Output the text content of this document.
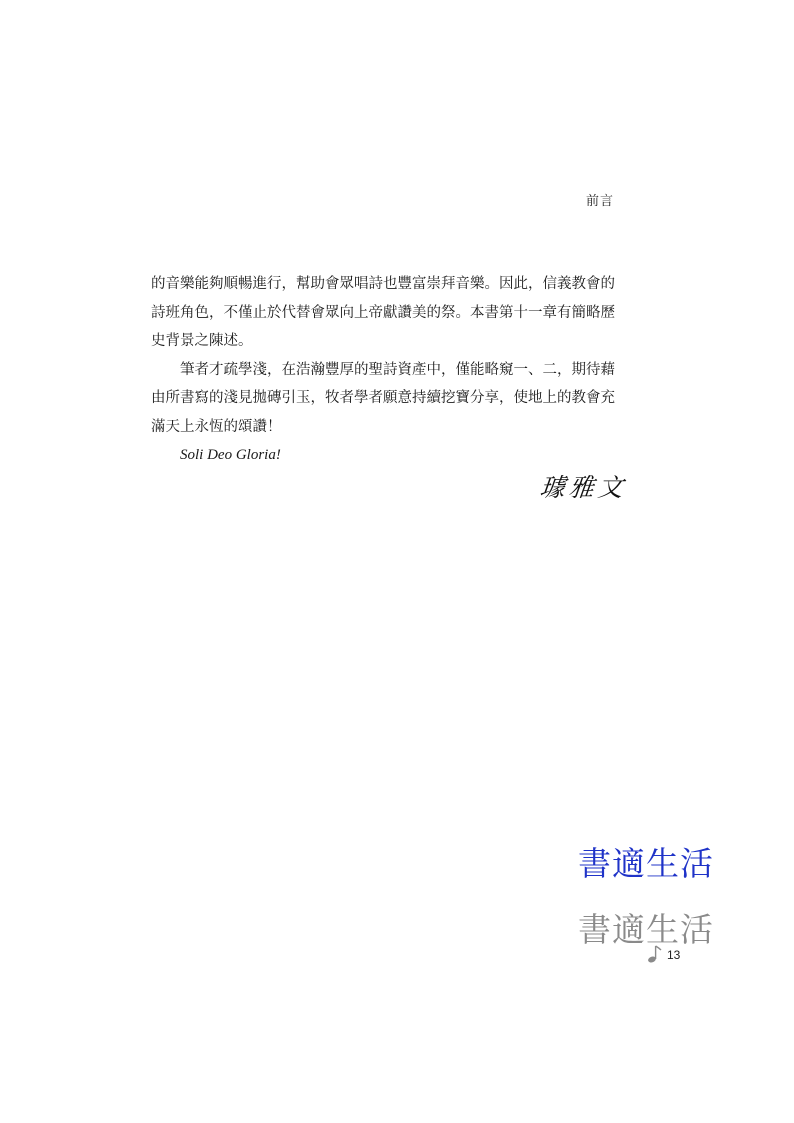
前言

的音樂能夠順暢進行，幫助會眾唱詩也豐富崇拜音樂。因此，信義教會的詩班角色，不僅止於代替會眾向上帝獻讚美的祭。本書第十一章有簡略歷史背景之陳述。

筆者才疏學淺，在浩瀚豐厚的聖詩資產中，僅能略窺一、二，期待藉由所書寫的淺見拋磚引玉，牧者學者願意持續挖寶分享，使地上的教會充滿天上永恆的頌讚！

Soli Deo Gloria!

璩雅文
書適生活
書適生活
13
